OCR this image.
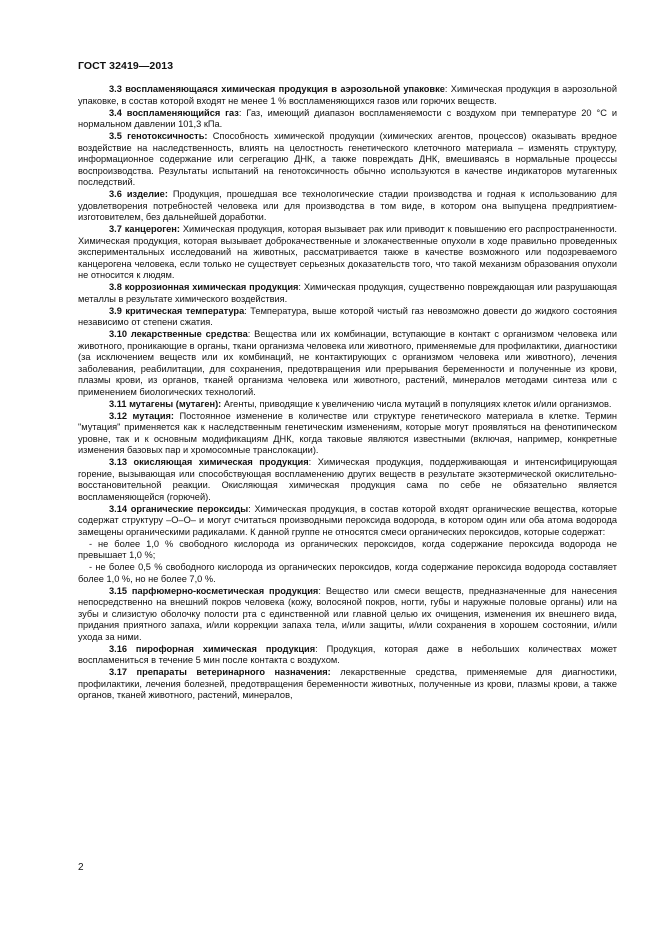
ГОСТ 32419—2013

3.3 воспламеняющаяся химическая продукция в аэрозольной упаковке: Химическая продукция в аэрозольной упаковке, в состав которой входят не менее 1 % воспламеняющихся газов или горючих веществ.

3.4 воспламеняющийся газ: Газ, имеющий диапазон воспламеняемости с воздухом при температуре 20 °С и нормальном давлении 101,3 кПа.

3.5 генотоксичность: Способность химической продукции (химических агентов, процессов) оказывать вредное воздействие на наследственность, влиять на целостность генетического клеточного материала – изменять структуру, информационное содержание или сегрегацию ДНК, а также повреждать ДНК, вмешиваясь в нормальные процессы воспроизводства. Результаты испытаний на генотоксичность обычно используются в качестве индикаторов мутагенных последствий.

3.6 изделие: Продукция, прошедшая все технологические стадии производства и годная к использованию для удовлетворения потребностей человека или для производства в том виде, в котором она выпущена предприятием-изготовителем, без дальнейшей доработки.

3.7 канцероген: Химическая продукция, которая вызывает рак или приводит к повышению его распространенности. Химическая продукция, которая вызывает доброкачественные и злокачественные опухоли в ходе правильно проведенных экспериментальных исследований на животных, рассматривается также в качестве возможного или подозреваемого канцерогена человека, если только не существует серьезных доказательств того, что такой механизм образования опухоли не относится к людям.

3.8 коррозионная химическая продукция: Химическая продукция, существенно повреждающая или разрушающая металлы в результате химического воздействия.

3.9 критическая температура: Температура, выше которой чистый газ невозможно довести до жидкого состояния независимо от степени сжатия.

3.10 лекарственные средства: Вещества или их комбинации, вступающие в контакт с организмом человека или животного, проникающие в органы, ткани организма человека или животного, применяемые для профилактики, диагностики (за исключением веществ или их комбинаций, не контактирующих с организмом человека или животного), лечения заболевания, реабилитации, для сохранения, предотвращения или прерывания беременности и полученные из крови, плазмы крови, из органов, тканей организма человека или животного, растений, минералов методами синтеза или с применением биологических технологий.

3.11 мутагены (мутаген): Агенты, приводящие к увеличению числа мутаций в популяциях клеток и/или организмов.

3.12 мутация: Постоянное изменение в количестве или структуре генетического материала в клетке. Термин "мутация" применяется как к наследственным генетическим изменениям, которые могут проявляться на фенотипическом уровне, так и к основным модификациям ДНК, когда таковые являются известными (включая, например, конкретные изменения базовых пар и хромосомные транслокации).

3.13 окисляющая химическая продукция: Химическая продукция, поддерживающая и интенсифицирующая горение, вызывающая или способствующая воспламенению других веществ в результате экзотермической окислительно-восстановительной реакции. Окисляющая химическая продукция сама по себе не обязательно является воспламеняющейся (горючей).

3.14 органические пероксиды: Химическая продукция, в состав которой входят органические вещества, которые содержат структуру –О–О– и могут считаться производными пероксида водорода, в котором один или оба атома водорода замещены органическими радикалами. К данной группе не относятся смеси органических пероксидов, которые содержат:

- не более 1,0 % свободного кислорода из органических пероксидов, когда содержание пероксида водорода не превышает 1,0 %;

- не более 0,5 % свободного кислорода из органических пероксидов, когда содержание пероксида водорода составляет более 1,0 %, но не более 7,0 %.

3.15 парфюмерно-косметическая продукция: Вещество или смеси веществ, предназначенные для нанесения непосредственно на внешний покров человека (кожу, волосяной покров, ногти, губы и наружные половые органы) или на зубы и слизистую оболочку полости рта с единственной или главной целью их очищения, изменения их внешнего вида, придания приятного запаха, и/или коррекции запаха тела, и/или защиты, и/или сохранения в хорошем состоянии, и/или ухода за ними.

3.16 пирофорная химическая продукция: Продукция, которая даже в небольших количествах может воспламениться в течение 5 мин после контакта с воздухом.

3.17 препараты ветеринарного назначения: лекарственные средства, применяемые для диагностики, профилактики, лечения болезней, предотвращения беременности животных, полученные из крови, плазмы крови, а также органов, тканей животного, растений, минералов,

2
